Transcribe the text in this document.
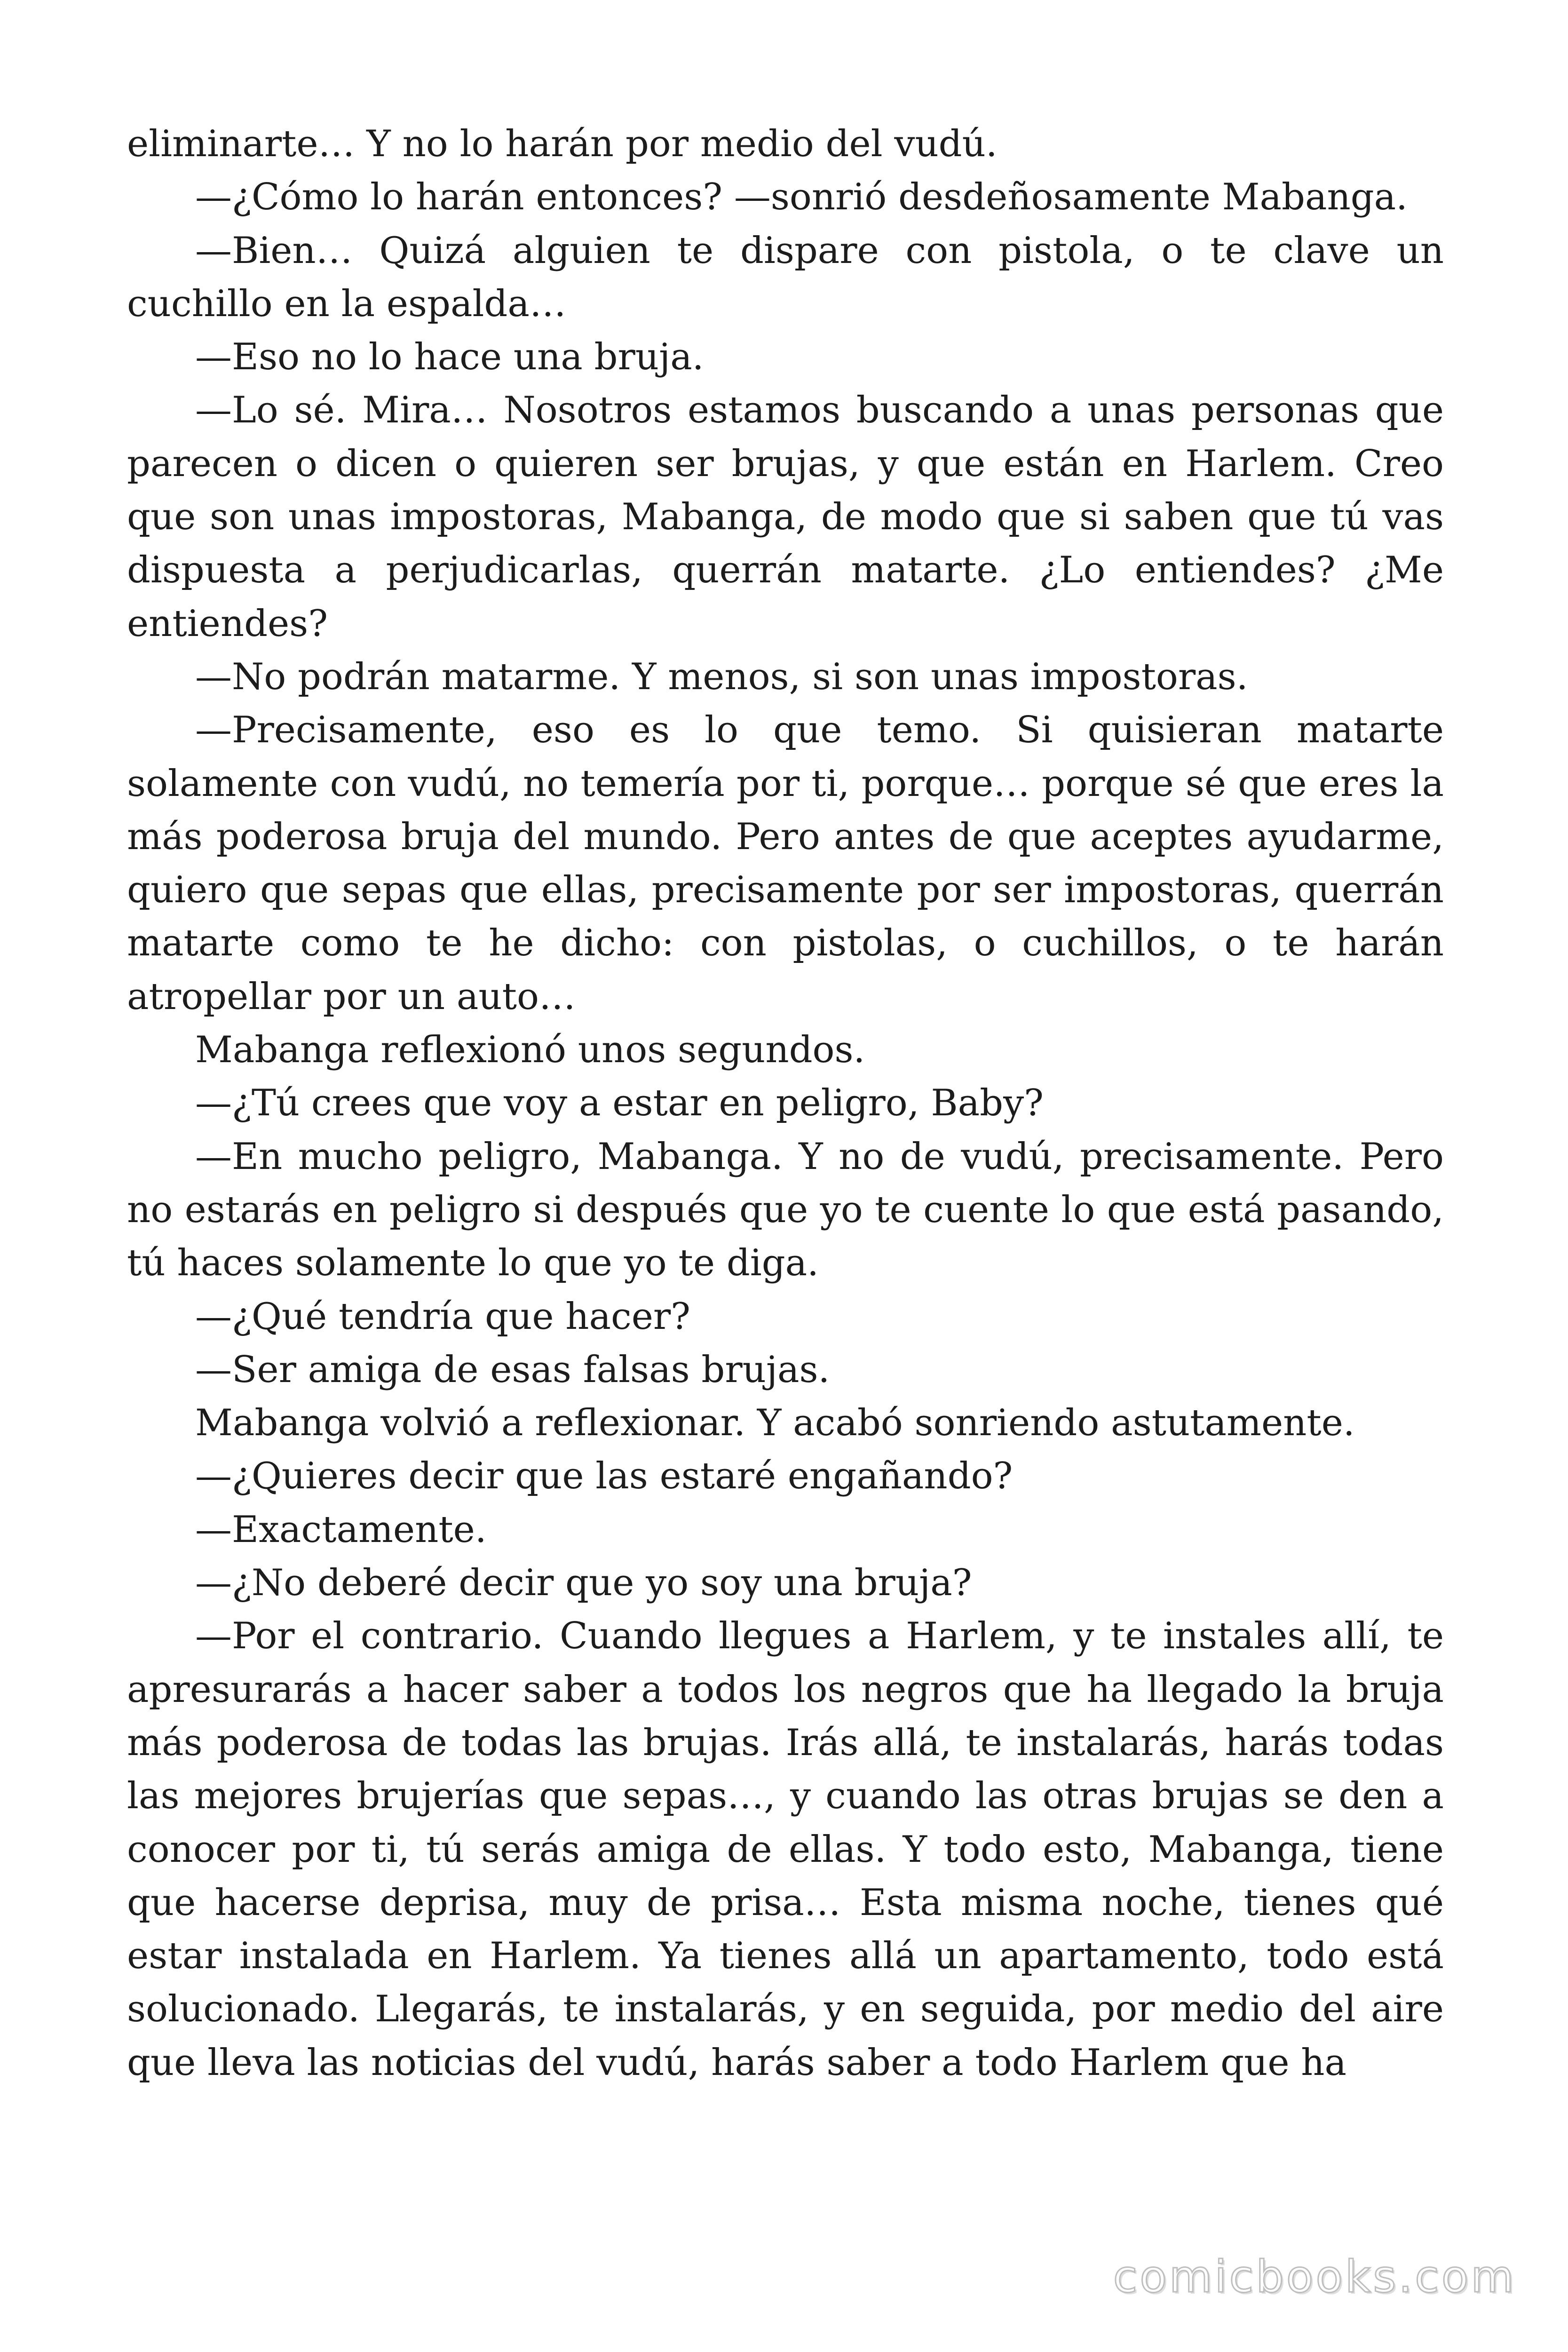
eliminarte… Y no lo harán por medio del vudú.

—¿Cómo lo harán entonces? —sonrió desdeñosamente Mabanga.

—Bien… Quizá alguien te dispare con pistola, o te clave un cuchillo en la espalda…

—Eso no lo hace una bruja.

—Lo sé. Mira… Nosotros estamos buscando a unas personas que parecen o dicen o quieren ser brujas, y que están en Harlem. Creo que son unas impostoras, Mabanga, de modo que si saben que tú vas dispuesta a perjudicarlas, querrán matarte. ¿Lo entiendes? ¿Me entiendes?

—No podrán matarme. Y menos, si son unas impostoras.

—Precisamente, eso es lo que temo. Si quisieran matarte solamente con vudú, no temería por ti, porque… porque sé que eres la más poderosa bruja del mundo. Pero antes de que aceptes ayudarme, quiero que sepas que ellas, precisamente por ser impostoras, querrán matarte como te he dicho: con pistolas, o cuchillos, o te harán atropellar por un auto…

Mabanga reflexionó unos segundos.

—¿Tú crees que voy a estar en peligro, Baby?

—En mucho peligro, Mabanga. Y no de vudú, precisamente. Pero no estarás en peligro si después que yo te cuente lo que está pasando, tú haces solamente lo que yo te diga.

—¿Qué tendría que hacer?

—Ser amiga de esas falsas brujas.

Mabanga volvió a reflexionar. Y acabó sonriendo astutamente.

—¿Quieres decir que las estaré engañando?

—Exactamente.

—¿No deberé decir que yo soy una bruja?

—Por el contrario. Cuando llegues a Harlem, y te instales allí, te apresurarás a hacer saber a todos los negros que ha llegado la bruja más poderosa de todas las brujas. Irás allá, te instalarás, harás todas las mejores brujerías que sepas…, y cuando las otras brujas se den a conocer por ti, tú serás amiga de ellas. Y todo esto, Mabanga, tiene que hacerse deprisa, muy de prisa… Esta misma noche, tienes qué estar instalada en Harlem. Ya tienes allá un apartamento, todo está solucionado. Llegarás, te instalarás, y en seguida, por medio del aire que lleva las noticias del vudú, harás saber a todo Harlem que ha

comicbooks.com
